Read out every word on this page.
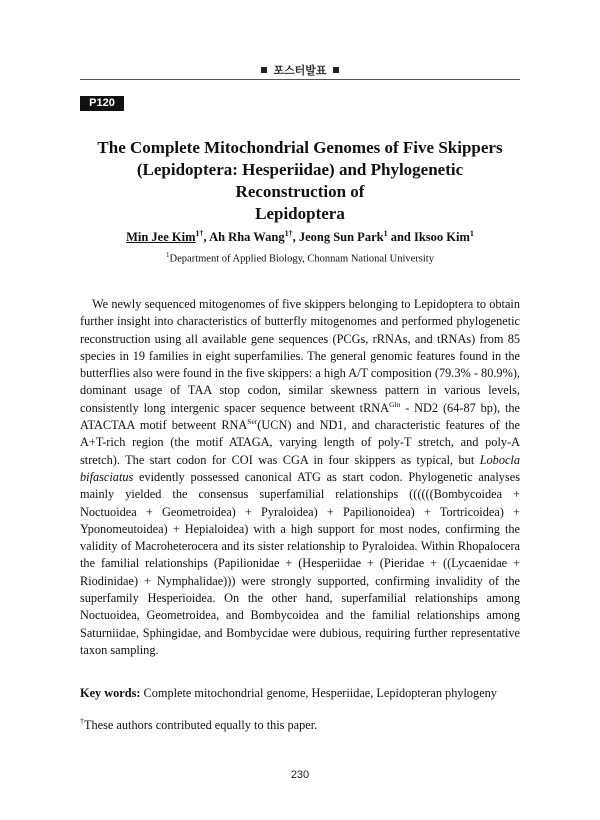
포스터발표
P120
The Complete Mitochondrial Genomes of Five Skippers
(Lepidoptera: Hesperiidae) and Phylogenetic Reconstruction of
Lepidoptera
Min Jee Kim$^{1\dagger}$, Ah Rha Wang$^{1\dagger}$, Jeong Sun Park$^1$ and Iksoo Kim$^1$
$^1$Department of Applied Biology, Chonnam National University
We newly sequenced mitogenomes of five skippers belonging to Lepidoptera to obtain further insight into characteristics of butterfly mitogenomes and performed phylogenetic reconstruction using all available gene sequences (PCGs, rRNAs, and tRNAs) from 85 species in 19 families in eight superfamilies. The general genomic features found in the butterflies also were found in the five skippers: a high A/T composition (79.3% - 80.9%), dominant usage of TAA stop codon, similar skewness pattern in various levels, consistently long intergenic spacer sequence betweent tRNA$^{Gln}$ - ND2 (64-87 bp), the ATACTAA motif betweent $RNA^{Ser}(UCN)$ and ND1, and characteristic features of the A+T-rich region (the motif ATAGA, varying length of poly-T stretch, and poly-A stretch). The start codon for COI was CGA in four skippers as typical, but Lobocla bifasciatus evidently possessed canonical ATG as start codon. Phylogenetic analyses mainly yielded the consensus superfamilial relationships ((((((Bombycoidea + Noctuoidea + Geometroidea) + Pyraloidea) + Papilionoidea) + Tortricoidea) + Yponomeutoidea) + Hepialoidea) with a high support for most nodes, confirming the validity of Macroheterocera and its sister relationship to Pyraloidea. Within Rhopalocera the familial relationships (Papilionidae + (Hesperiidae + (Pieridae + ((Lycaenidae + Riodinidae) + Nymphalidae))) were strongly supported, confirming invalidity of the superfamily Hesperioidea. On the other hand, superfamilial relationships among Noctuoidea, Geometroidea, and Bombycoidea and the familial relationships among Saturniidae, Sphingidae, and Bombycidae were dubious, requiring further representative taxon sampling.
Key words: Complete mitochondrial genome, Hesperiidae, Lepidopteran phylogeny
†These authors contributed equally to this paper.
230
